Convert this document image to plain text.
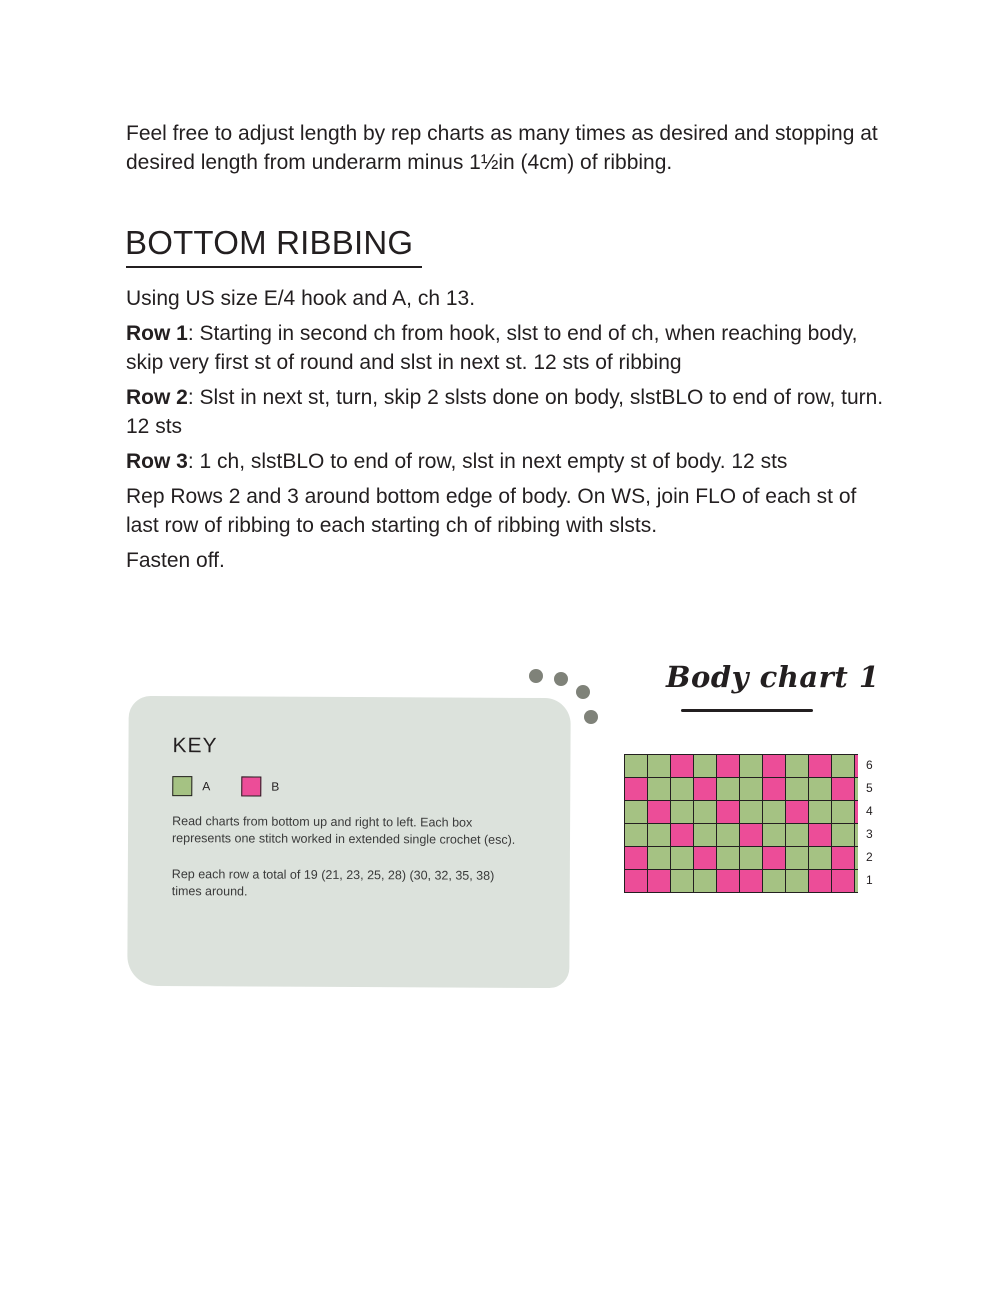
Feel free to adjust length by rep charts as many times as desired and stopping at desired length from underarm minus 1½in (4cm) of ribbing.

BOTTOM RIBBING

Using US size E/4 hook and A, ch 13.

Row 1: Starting in second ch from hook, slst to end of ch, when reaching body, skip very first st of round and slst in next st. 12 sts of ribbing

Row 2: Slst in next st, turn, skip 2 slsts done on body, slstBLO to end of row, turn. 12 sts

Row 3: 1 ch, slstBLO to end of row, slst in next empty st of body. 12 sts

Rep Rows 2 and 3 around bottom edge of body. On WS, join FLO of each st of last row of ribbing to each starting ch of ribbing with slsts.

Fasten off.

Body chart 1
KEY
A	B
Read charts from bottom up and right to left. Each box represents one stitch worked in extended single crochet (esc).
Rep each row a total of 19 (21, 23, 25, 28) (30, 32, 35, 38) times around.
6
5
4
3
2
1
